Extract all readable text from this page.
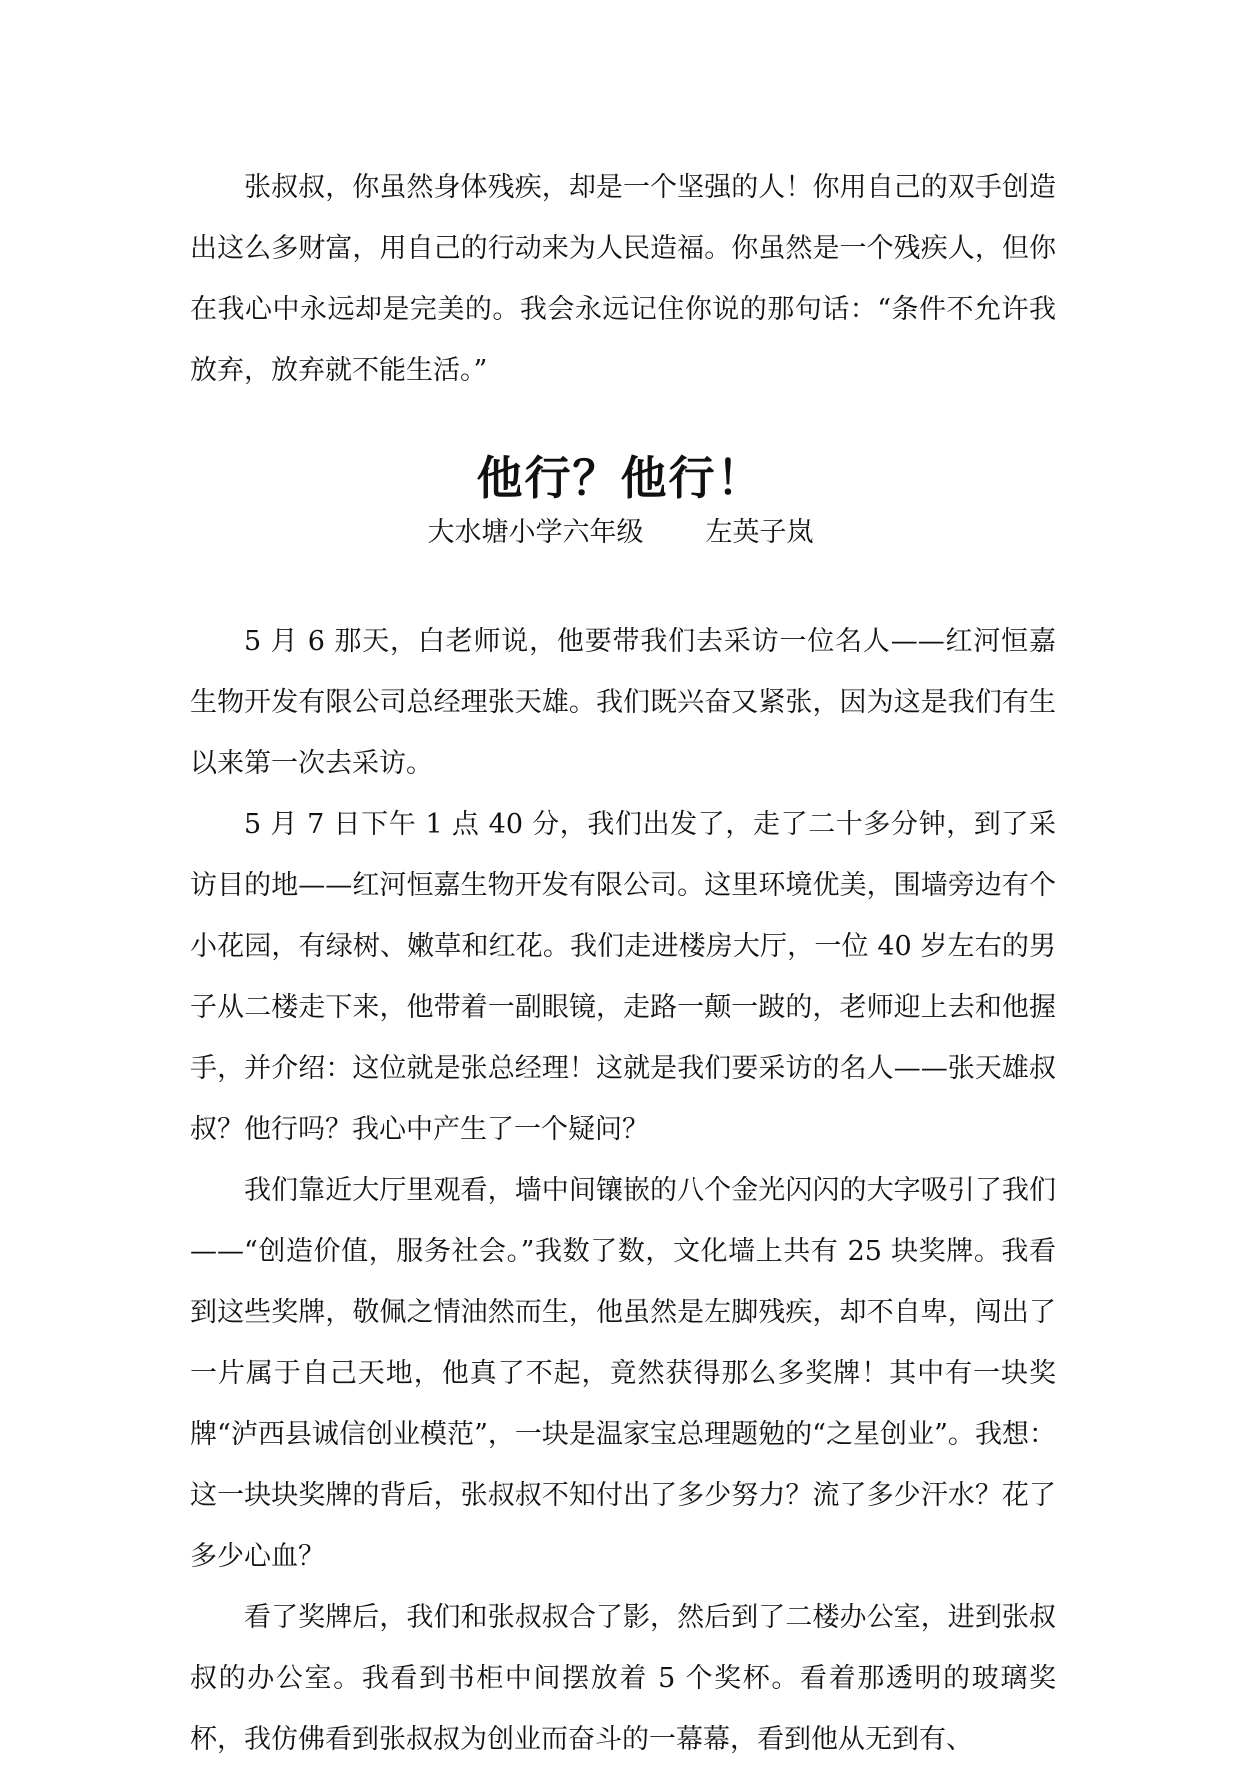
张叔叔，你虽然身体残疾，却是一个坚强的人！你用自己的双手创造出这么多财富，用自己的行动来为人民造福。你虽然是一个残疾人，但你在我心中永远却是完美的。我会永远记住你说的那句话：“条件不允许我放弃，放弃就不能生活。”

他行？他行！
大水塘小学六年级 左英子岚

5 月 6 那天，白老师说，他要带我们去采访一位名人——红河恒嘉生物开发有限公司总经理张天雄。我们既兴奋又紧张，因为这是我们有生以来第一次去采访。

5 月 7 日下午 1 点 40 分，我们出发了，走了二十多分钟，到了采访目的地——红河恒嘉生物开发有限公司。这里环境优美，围墙旁边有个小花园，有绿树、嫩草和红花。我们走进楼房大厅，一位 40 岁左右的男子从二楼走下来，他带着一副眼镜，走路一颠一跛的，老师迎上去和他握手，并介绍：这位就是张总经理！这就是我们要采访的名人——张天雄叔叔？他行吗？我心中产生了一个疑问？

我们靠近大厅里观看，墙中间镶嵌的八个金光闪闪的大字吸引了我们——“创造价值，服务社会。”我数了数，文化墙上共有 25 块奖牌。我看到这些奖牌，敬佩之情油然而生，他虽然是左脚残疾，却不自卑，闯出了一片属于自己天地，他真了不起，竟然获得那么多奖牌！其中有一块奖牌“泸西县诚信创业模范”，一块是温家宝总理题勉的“之星创业”。我想：这一块块奖牌的背后，张叔叔不知付出了多少努力？流了多少汗水？花了多少心血？

看了奖牌后，我们和张叔叔合了影，然后到了二楼办公室，进到张叔叔的办公室。我看到书柜中间摆放着 5 个奖杯。看着那透明的玻璃奖杯，我仿佛看到张叔叔为创业而奋斗的一幕幕，看到他从无到有、
